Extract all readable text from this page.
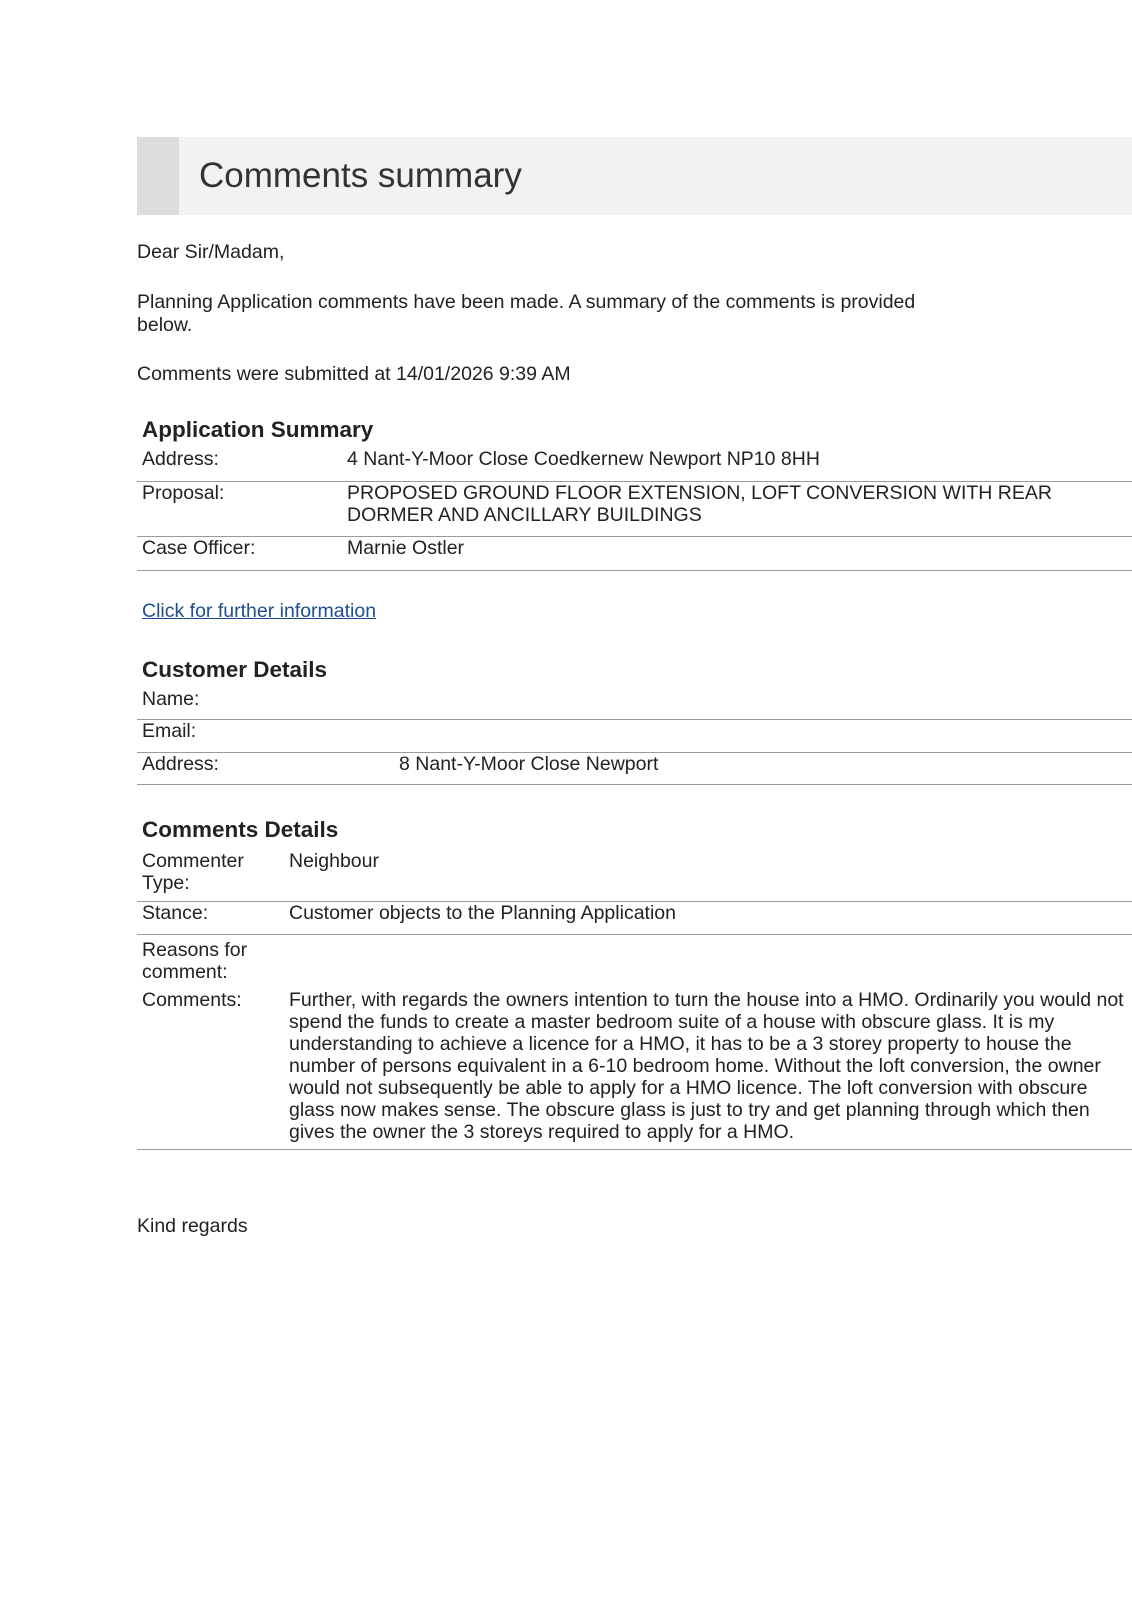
Comments summary
Dear Sir/Madam,
Planning Application comments have been made. A summary of the comments is provided below.
Comments were submitted at 14/01/2026 9:39 AM
Application Summary
Address:	4 Nant-Y-Moor Close Coedkernew Newport NP10 8HH
Proposal:	PROPOSED GROUND FLOOR EXTENSION, LOFT CONVERSION WITH REAR DORMER AND ANCILLARY BUILDINGS
Case Officer:	Marnie Ostler
Click for further information
Customer Details
Name:	
Email:	
Address:	8 Nant-Y-Moor Close Newport
Comments Details
Commenter Type:	Neighbour
Stance:	Customer objects to the Planning Application
Reasons for comment:	
Comments:	Further, with regards the owners intention to turn the house into a HMO. Ordinarily you would not spend the funds to create a master bedroom suite of a house with obscure glass. It is my understanding to achieve a licence for a HMO, it has to be a 3 storey property to house the number of persons equivalent in a 6-10 bedroom home. Without the loft conversion, the owner would not subsequently be able to apply for a HMO licence. The loft conversion with obscure glass now makes sense. The obscure glass is just to try and get planning through which then gives the owner the 3 storeys required to apply for a HMO.
Kind regards
